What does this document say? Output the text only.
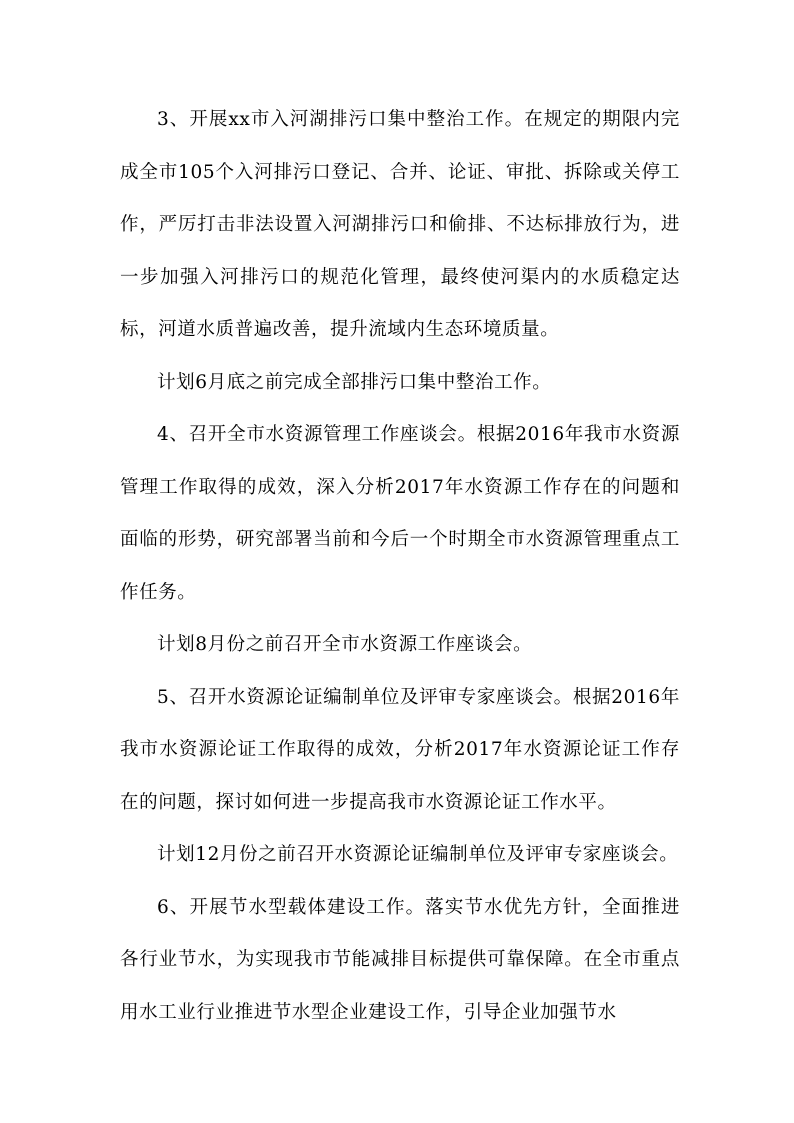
3、开展xx市入河湖排污口集中整治工作。在规定的期限内完成全市105个入河排污口登记、合并、论证、审批、拆除或关停工作，严厉打击非法设置入河湖排污口和偷排、不达标排放行为，进一步加强入河排污口的规范化管理，最终使河渠内的水质稳定达标，河道水质普遍改善，提升流域内生态环境质量。

计划6月底之前完成全部排污口集中整治工作。

4、召开全市水资源管理工作座谈会。根据2016年我市水资源管理工作取得的成效，深入分析2017年水资源工作存在的问题和面临的形势，研究部署当前和今后一个时期全市水资源管理重点工作任务。

计划8月份之前召开全市水资源工作座谈会。

5、召开水资源论证编制单位及评审专家座谈会。根据2016年我市水资源论证工作取得的成效，分析2017年水资源论证工作存在的问题，探讨如何进一步提高我市水资源论证工作水平。

计划12月份之前召开水资源论证编制单位及评审专家座谈会。

6、开展节水型载体建设工作。落实节水优先方针，全面推进各行业节水，为实现我市节能减排目标提供可靠保障。在全市重点用水工业行业推进节水型企业建设工作，引导企业加强节水
